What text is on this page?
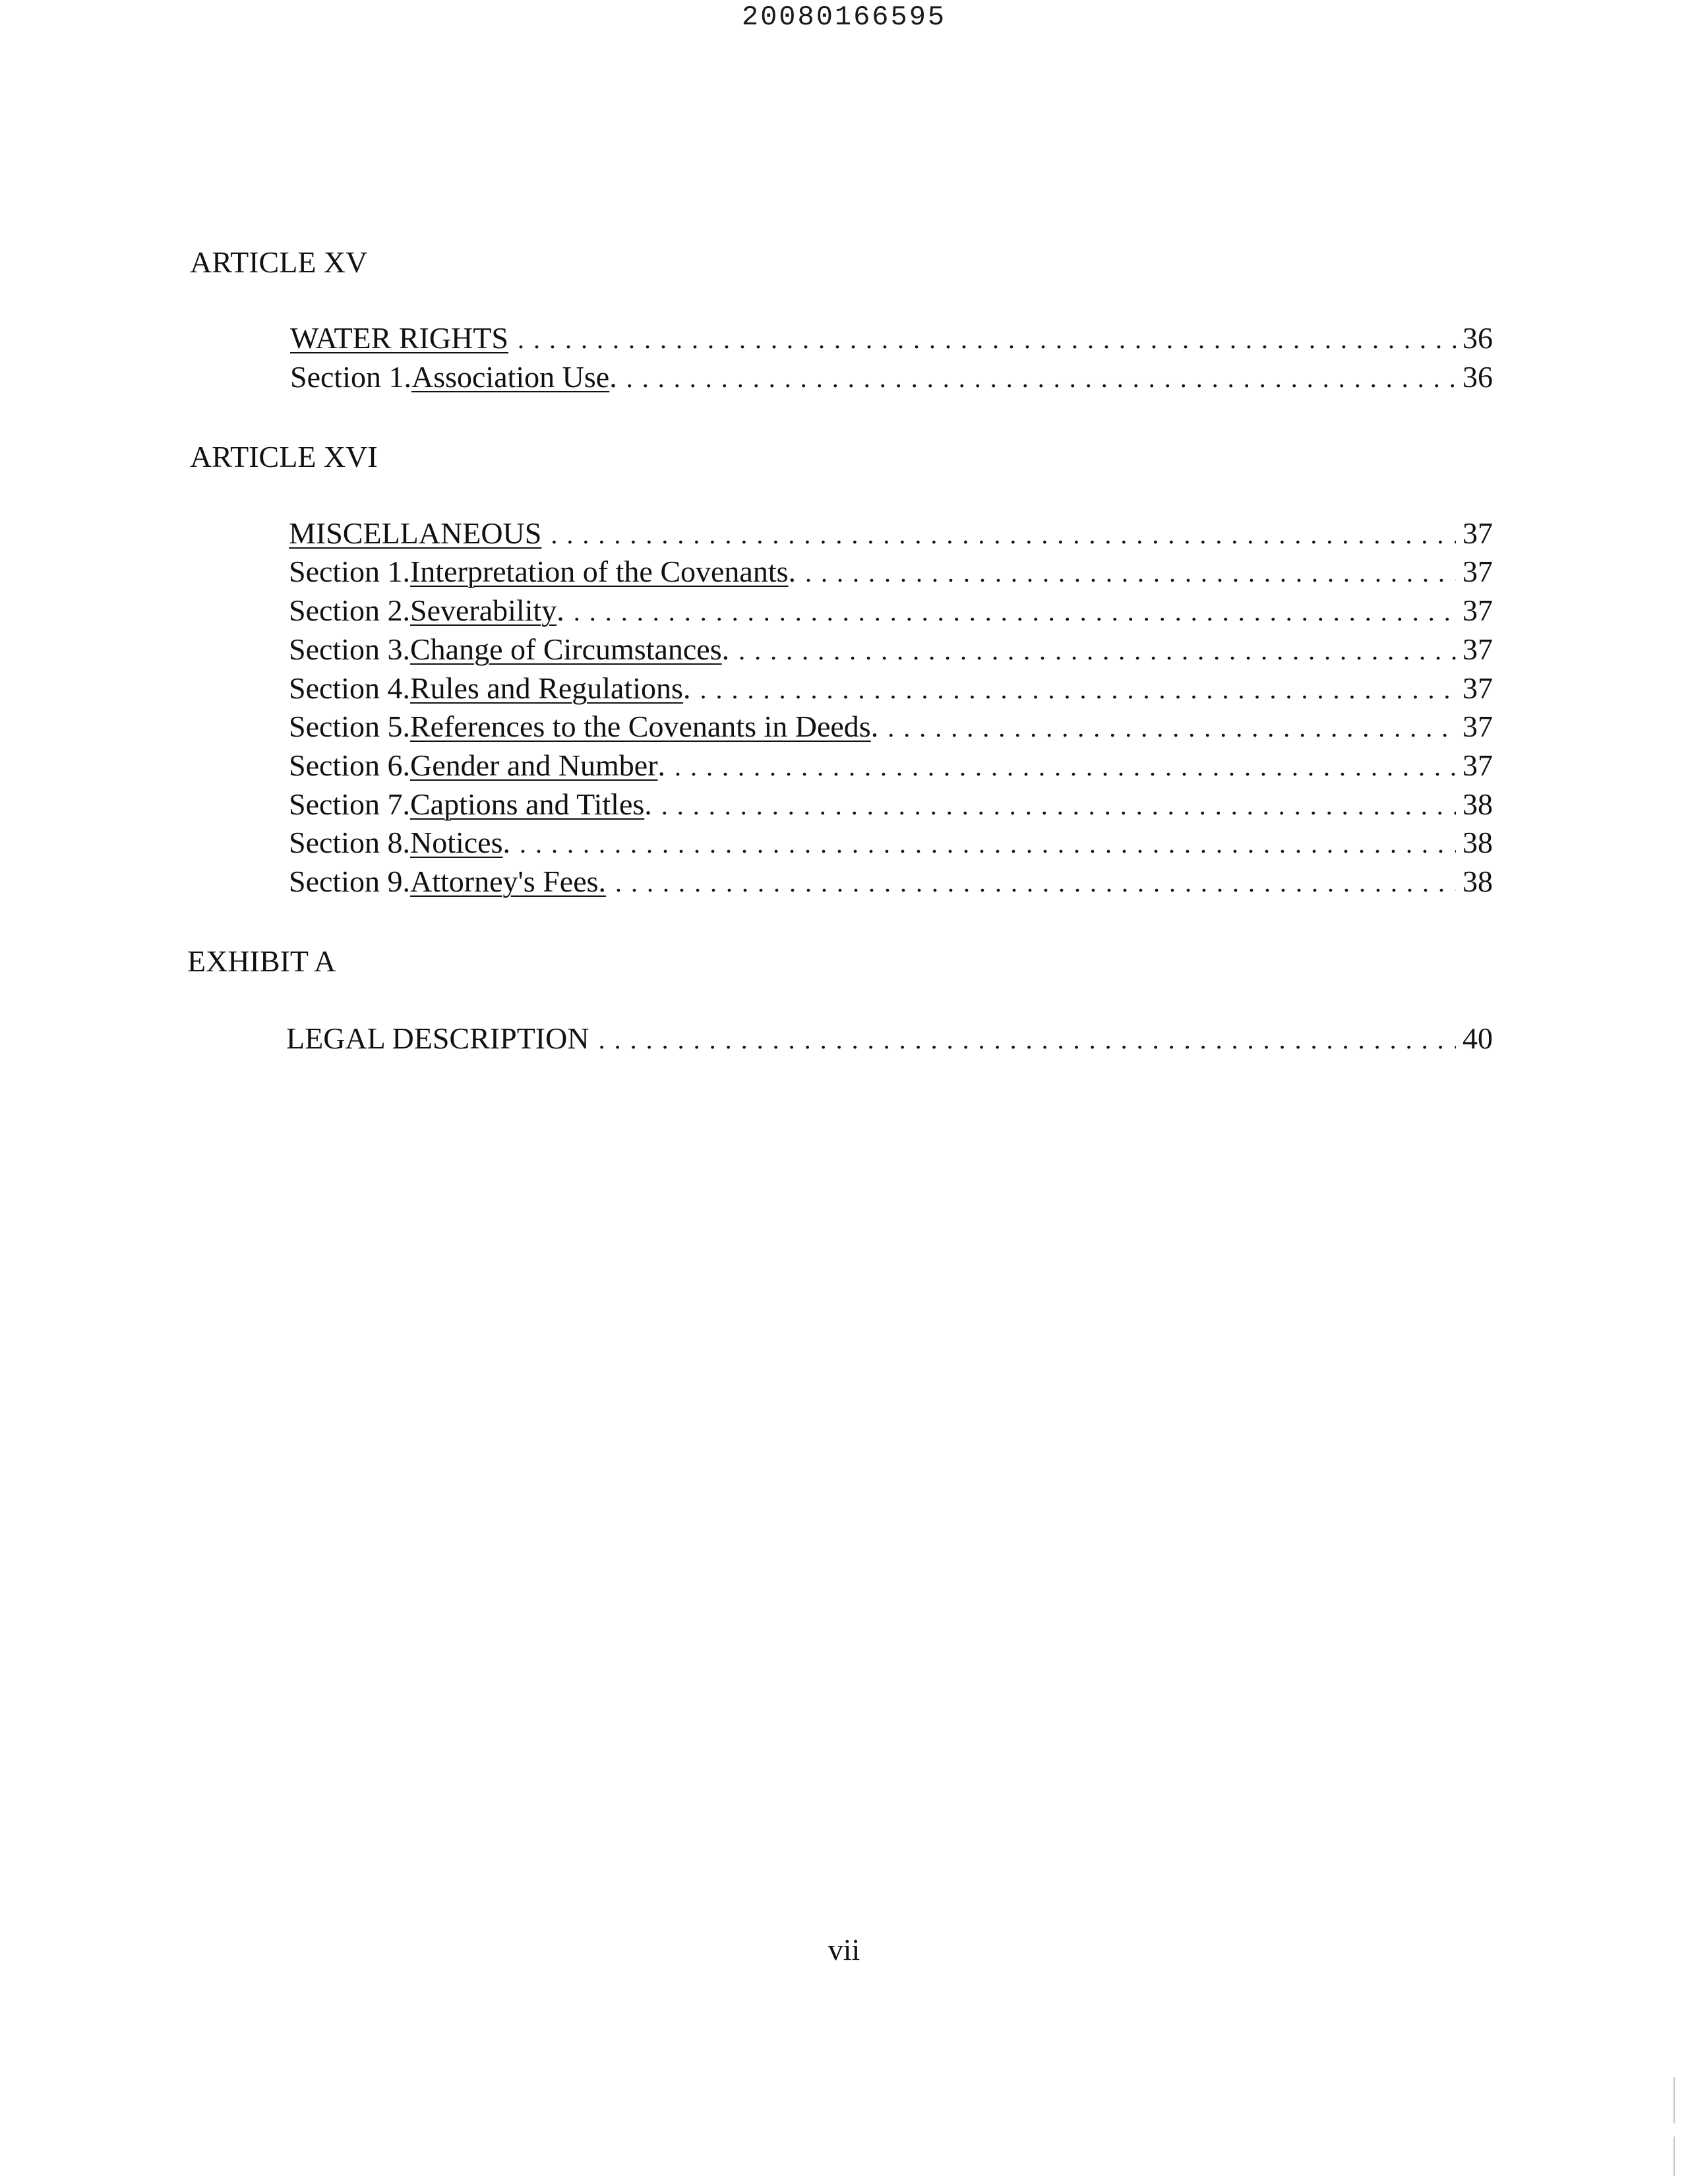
20080166595
ARTICLE XV
WATER RIGHTS . . .	36
Section 1. Association Use . . . .	36
ARTICLE XVI
MISCELLANEOUS . . .	37
Section 1. Interpretation of the Covenants . . . .	37
Section 2. Severability . . . .	37
Section 3. Change of Circumstances . . . .	37
Section 4. Rules and Regulations . . . .	37
Section 5. References to the Covenants in Deeds . . . .	37
Section 6. Gender and Number . . . .	37
Section 7. Captions and Titles . . . .	38
Section 8. Notices . . . .	38
Section 9. Attorney's Fees. . . .	38
EXHIBIT A
LEGAL DESCRIPTION . . .	40
vii
